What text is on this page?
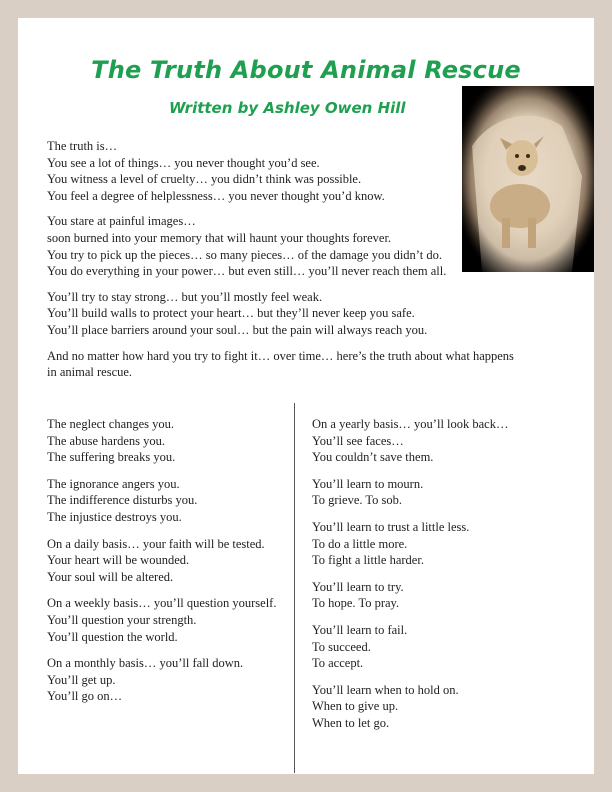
The Truth About Animal Rescue
Written by Ashley Owen Hill
The truth is…
You see a lot of things… you never thought you’d see.
You witness a level of cruelty… you didn’t think was possible.
You feel a degree of helplessness… you never thought you’d know.
You stare at painful images…
soon burned into your memory that will haunt your thoughts forever.
You try to pick up the pieces… so many pieces… of the damage you didn’t do.
You do everything in your power… but even still… you’ll never reach them all.
You’ll try to stay strong… but you’ll mostly feel weak.
You’ll build walls to protect your heart… but they’ll never keep you safe.
You’ll place barriers around your soul… but the pain will always reach you.
And no matter how hard you try to fight it… over time… here’s the truth about what happens in animal rescue.
The neglect changes you.
The abuse hardens you.
The suffering breaks you.
The ignorance angers you.
The indifference disturbs you.
The injustice destroys you.
On a daily basis… your faith will be tested.
Your heart will be wounded.
Your soul will be altered.
On a weekly basis… you’ll question yourself.
You’ll question your strength.
You’ll question the world.
On a monthly basis… you’ll fall down.
You’ll get up.
You’ll go on…
On a yearly basis… you’ll look back…
You’ll see faces…
You couldn’t save them.
You’ll learn to mourn.
To grieve. To sob.
You’ll learn to trust a little less.
To do a little more.
To fight a little harder.
You’ll learn to try.
To hope. To pray.
You’ll learn to fail.
To succeed.
To accept.
You’ll learn when to hold on.
When to give up.
When to let go.
